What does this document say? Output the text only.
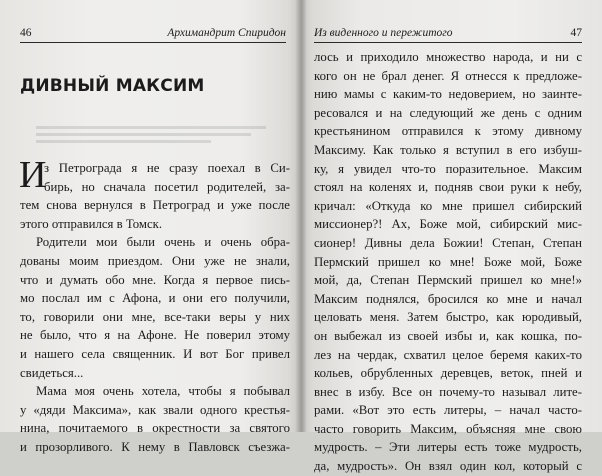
46	Архимандрит Спиридон
ДИВНЫЙ МАКСИМ
И
з Петрограда я не сразу поехал в Си-
бирь, но сначала посетил родителей, за-
тем снова вернулся в Петроград и уже после
этого отправился в Томск.
Родители мои были очень и очень обра-
дованы моим приездом. Они уже не знали,
что и думать обо мне. Когда я первое пись-
мо послал им с Афона, и они его получили,
то, говорили они мне, все-таки веры у них
не было, что я на Афоне. Не поверил этому
и нашего села священник. И вот Бог привел
свидеться...
Мама моя очень хотела, чтобы я побывал
у «дяди Максима», как звали одного крестья-
нина, почитаемого в окрестности за святого
и прозорливого. К нему в Павловск съезжа-
Из виденного и пережитого	47
лось и приходило множество народа, и ни с
кого он не брал денег. Я отнесся к предложе-
нию мамы с каким-то недоверием, но заинте-
ресовался и на следующий же день с одним
крестьянином отправился к этому дивному
Максиму. Как только я вступил в его избуш-
ку, я увидел что-то поразительное. Максим
стоял на коленях и, подняв свои руки к небу,
кричал: «Откуда ко мне пришел сибирский
миссионер?! Ах, Боже мой, сибирский мис-
сионер! Дивны дела Божии! Степан, Степан
Пермский пришел ко мне! Боже мой, Боже
мой, да, Степан Пермский пришел ко мне!»
Максим поднялся, бросился ко мне и начал
целовать меня. Затем быстро, как юродивый,
он выбежал из своей избы и, как кошка, по-
лез на чердак, схватил целое беремя каких-то
кольев, обрубленных деревцев, веток, пней и
внес в избу. Все он почему-то называл лите-
рами. «Вот это есть литеры, – начал часто-
часто говорить Максим, объясняя мне свою
мудрость. – Эти литеры есть тоже мудрость,
да, мудрость». Он взял один кол, который с
